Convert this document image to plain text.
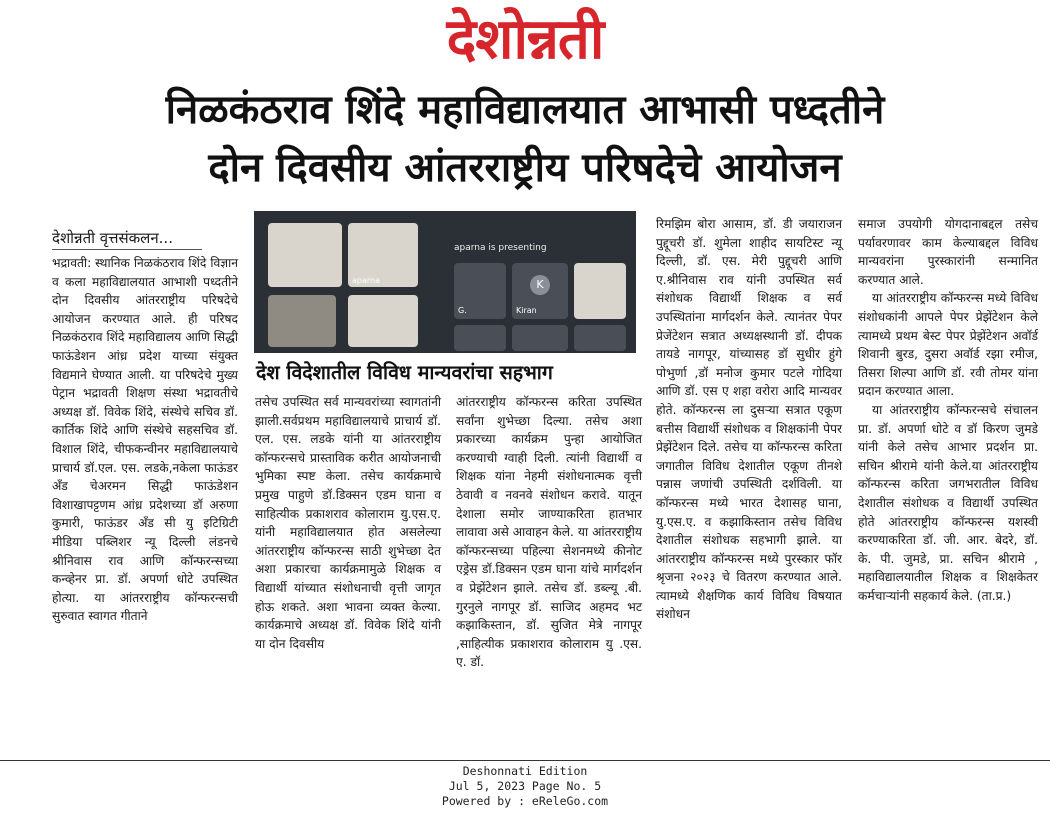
देशोन्नती
निळकंठराव शिंदे महाविद्यालयात आभासी पध्दतीने
दोन दिवसीय आंतरराष्ट्रीय परिषदेचे आयोजन
देशोन्नती वृत्तसंकलन...

भद्रावती: स्थानिक निळकंठराव शिंदे विज्ञान व कला महाविद्यालयात आभाशी पध्दतीने दोन दिवसीय आंतरराष्ट्रीय परिषदेचे आयोजन करण्यात आले. ही परिषद निळकंठराव शिंदे महाविद्यालय आणि सिद्धी फाऊंडेशन आंध्र प्रदेश याच्या संयुक्त विद्यमाने घेण्यात आली. या परिषदेचे मुख्य पेट्रान भद्रावती शिक्षण संस्था भद्रावतीचे अध्यक्ष डॉ. विवेक शिंदे, संस्थेचे सचिव डॉ. कार्तिक शिंदे आणि संस्थेचे सहसचिव डॉ. विशाल शिंदे, चीफकन्वीनर महाविद्यालयाचे प्राचार्य डॉ.एल. एस. लडके,नकेला फाऊंडर अँड चेअरमन सिद्धी फाऊंडेशन विशाखापट्टणम आंध्र प्रदेशच्या डॉ अरुणा कुमारी, फाऊंडर अँड सी यु इटिग्रिटी मीडिया पब्लिशर न्यू दिल्ली लंडनचे श्रीनिवास राव आणि कॉन्फरन्सच्या कन्व्हेनर प्रा. डॉ. अपर्णा धोटे उपस्थित होत्या. या आंतरराष्ट्रीय कॉन्फरन्सची सुरुवात स्वागत गीताने

aparna
aparna is presenting
G.
K
Kiran
देश विदेशातील विविध मान्यवरांचा सहभाग

तसेच उपस्थित सर्व मान्यवरांच्या स्वागतांनी झाली.सर्वप्रथम महाविद्यालयाचे प्राचार्य डॉ. एल. एस. लडके यांनी या आंतरराष्ट्रीय कॉन्फरन्सचे प्रास्ताविक करीत आयोजनाची भुमिका स्पष्ट केला. तसेच कार्यक्रमाचे प्रमुख पाहुणे डॉ.डिक्सन एडम घाना व साहित्यीक प्रकाशराव कोलाराम यु.एस.ए. यांनी महाविद्यालयात होत असलेल्या आंतरराष्ट्रीय कॉन्फरन्स साठी शुभेच्छा देत अशा प्रकारचा कार्यक्रमामुळे शिक्षक व विद्यार्थी यांच्यात संशोधनाची वृत्ती जागृत होऊ शकते. अशा भावना व्यक्त केल्या. कार्यक्रमाचे अध्यक्ष डॉ. विवेक शिंदे यांनी या दोन दिवसीय

आंतरराष्ट्रीय कॉन्फरन्स करिता उपस्थित सर्वांना शुभेच्छा दिल्या. तसेच अशा प्रकारच्या कार्यक्रम पुन्हा आयोजित करण्याची ग्वाही दिली. त्यांनी विद्यार्थी व शिक्षक यांना नेहमी संशोधनात्मक वृत्ती ठेवावी व नवनवे संशोधन करावे. यातून देशाला समोर जाण्याकरिता हातभार लावावा असे आवाहन केले. या आंतरराष्ट्रीय कॉन्फरन्सच्या पहिल्या सेशनमध्ये कीनोट एड्रेस डॉ.डिक्सन एडम घाना यांचे मार्गदर्शन व प्रेझेंटेशन झाले. तसेच डॉ. डब्ल्यू .बी. गुरनुले नागपूर डॉ. साजिद अहमद भट कझाकिस्तान, डॉ. सुजित मेत्रे नागपूर ,साहित्यीक प्रकाशराव कोलाराम यु .एस. ए. डॉ.

रिमझिम बोरा आसाम, डॉ. डी जयाराजन पुद्दूचरी डॉ. शुमेला शाहीद सायटिस्ट न्यू दिल्ली, डॉ. एस. मेरी पुद्दूचरी आणि ए.श्रीनिवास राव यांनी उपस्थित सर्व संशोधक विद्यार्थी शिक्षक व सर्व उपस्थितांना मार्गदर्शन केले. त्यानंतर पेपर प्रेजेंटेशन सत्रात अध्यक्षस्थानी डॉ. दीपक तायडे नागपूर, यांच्यासह डॉ सुधीर हुंगे पोभुर्णा ,डॉ मनोज कुमार पटले गोदिया आणि डॉ. एस ए शहा वरोरा आदि मान्यवर होते. कॉन्फरन्स ला दुसऱ्या सत्रात एकूण बत्तीस विद्यार्थी संशोधक व शिक्षकांनी पेपर प्रेझेंटेशन दिले. तसेच या कॉन्फरन्स करिता जगातील विविध देशातील एकूण तीनशे पन्नास जणांची उपस्थिती दर्शविली. या कॉन्फरन्स मध्ये भारत देशासह घाना, यु.एस.ए. व कझाकिस्तान तसेच विविध देशातील संशोधक सहभागी झाले. या आंतरराष्ट्रीय कॉन्फरन्स मध्ये पुरस्कार फॉर श्रृजना २०२३ चे वितरण करण्यात आले. त्यामध्ये शैक्षणिक कार्य विविध विषयात संशोधन

समाज उपयोगी योगदानाबद्दल तसेच पर्यावरणावर काम केल्याबद्दल विविध मान्यवरांना पुरस्कारांनी सन्मानित करण्यात आले.

या आंतरराष्ट्रीय कॉन्फरन्स मध्ये विविध संशोधकांनी आपले पेपर प्रेझेंटेशन केले त्यामध्ये प्रथम बेस्ट पेपर प्रेझेंटेशन अवॉर्ड शिवानी बुरड, दुसरा अवॉर्ड रझा रमीज, तिसरा शिल्पा आणि डॉ. रवी तोमर यांना प्रदान करण्यात आला.

या आंतरराष्ट्रीय कॉन्फरन्सचे संचालन प्रा. डॉ. अपर्णा धोटे व डॉ किरण जुमडे यांनी केले तसेच आभार प्रदर्शन प्रा. सचिन श्रीरामे यांनी केले.या आंतरराष्ट्रीय कॉन्फरन्स करिता जगभरातील विविध देशातील संशोधक व विद्यार्थी उपस्थित होते आंतरराष्ट्रीय कॉन्फरन्स यशस्वी करण्याकरिता डॉ. जी. आर. बेदरे, डॉ. के. पी. जुमडे, प्रा. सचिन श्रीरामे , महाविद्यालयातील शिक्षक व शिक्षकेतर कर्मचाऱ्यांनी सहकार्य केले. (ता.प्र.)

Deshonnati Edition
Jul 5, 2023 Page No. 5
Powered by : eReleGo.com
